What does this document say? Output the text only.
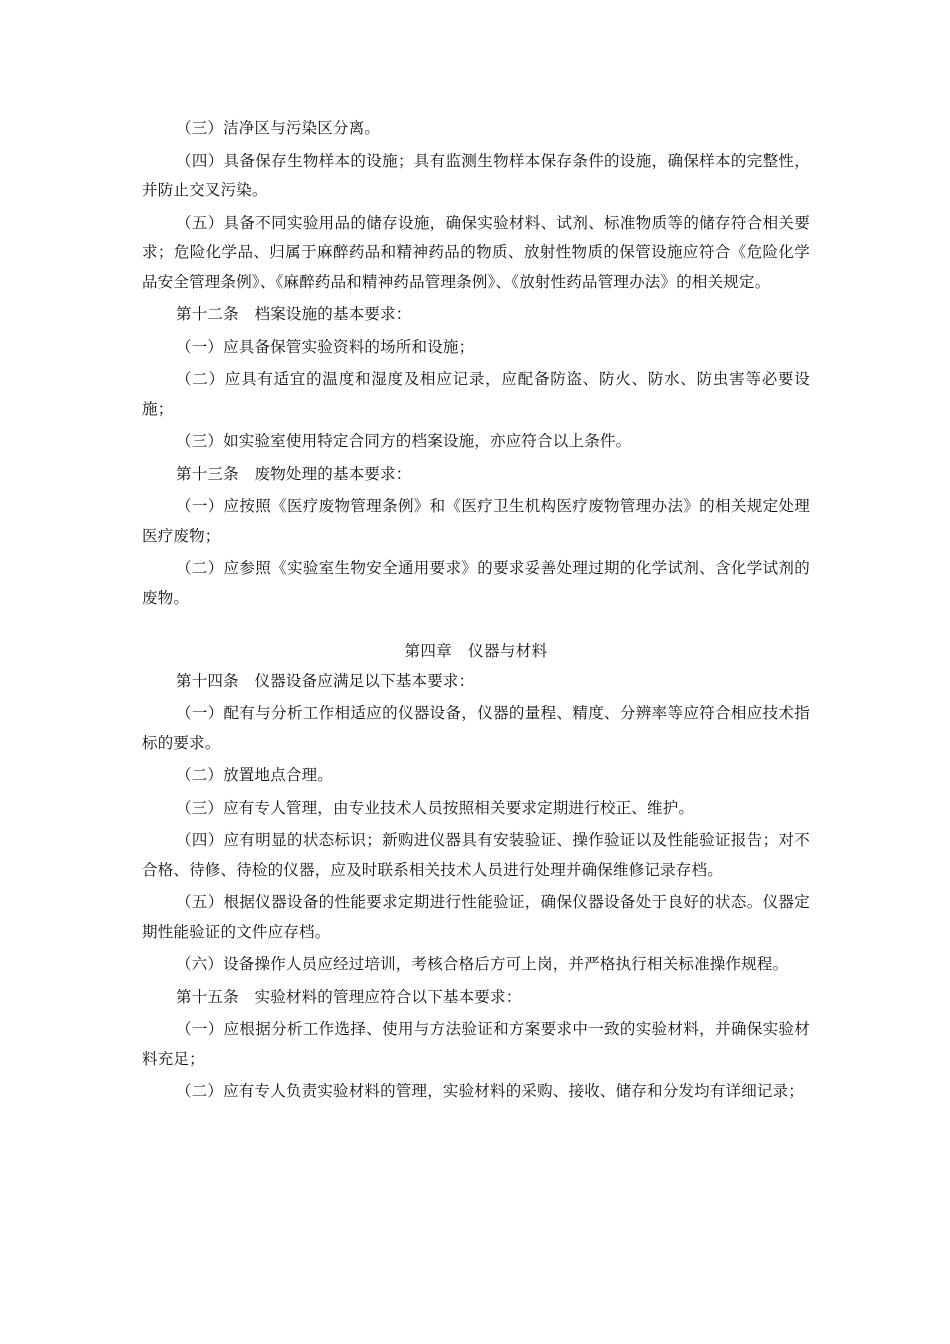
（三）洁净区与污染区分离。

（四）具备保存生物样本的设施；具有监测生物样本保存条件的设施，确保样本的完整性，并防止交叉污染。

（五）具备不同实验用品的储存设施，确保实验材料、试剂、标准物质等的储存符合相关要求；危险化学品、归属于麻醉药品和精神药品的物质、放射性物质的保管设施应符合《危险化学品安全管理条例》、《麻醉药品和精神药品管理条例》、《放射性药品管理办法》的相关规定。

第十二条　档案设施的基本要求：

（一）应具备保管实验资料的场所和设施；

（二）应具有适宜的温度和湿度及相应记录，应配备防盗、防火、防水、防虫害等必要设施；

（三）如实验室使用特定合同方的档案设施，亦应符合以上条件。

第十三条　废物处理的基本要求：

（一）应按照《医疗废物管理条例》和《医疗卫生机构医疗废物管理办法》的相关规定处理医疗废物；

（二）应参照《实验室生物安全通用要求》的要求妥善处理过期的化学试剂、含化学试剂的废物。

第四章　仪器与材料

第十四条　仪器设备应满足以下基本要求：

（一）配有与分析工作相适应的仪器设备，仪器的量程、精度、分辨率等应符合相应技术指标的要求。

（二）放置地点合理。

（三）应有专人管理，由专业技术人员按照相关要求定期进行校正、维护。

（四）应有明显的状态标识；新购进仪器具有安装验证、操作验证以及性能验证报告；对不合格、待修、待检的仪器，应及时联系相关技术人员进行处理并确保维修记录存档。

（五）根据仪器设备的性能要求定期进行性能验证，确保仪器设备处于良好的状态。仪器定期性能验证的文件应存档。

（六）设备操作人员应经过培训，考核合格后方可上岗，并严格执行相关标准操作规程。

第十五条　实验材料的管理应符合以下基本要求：

（一）应根据分析工作选择、使用与方法验证和方案要求中一致的实验材料，并确保实验材料充足；

（二）应有专人负责实验材料的管理，实验材料的采购、接收、储存和分发均有详细记录；
